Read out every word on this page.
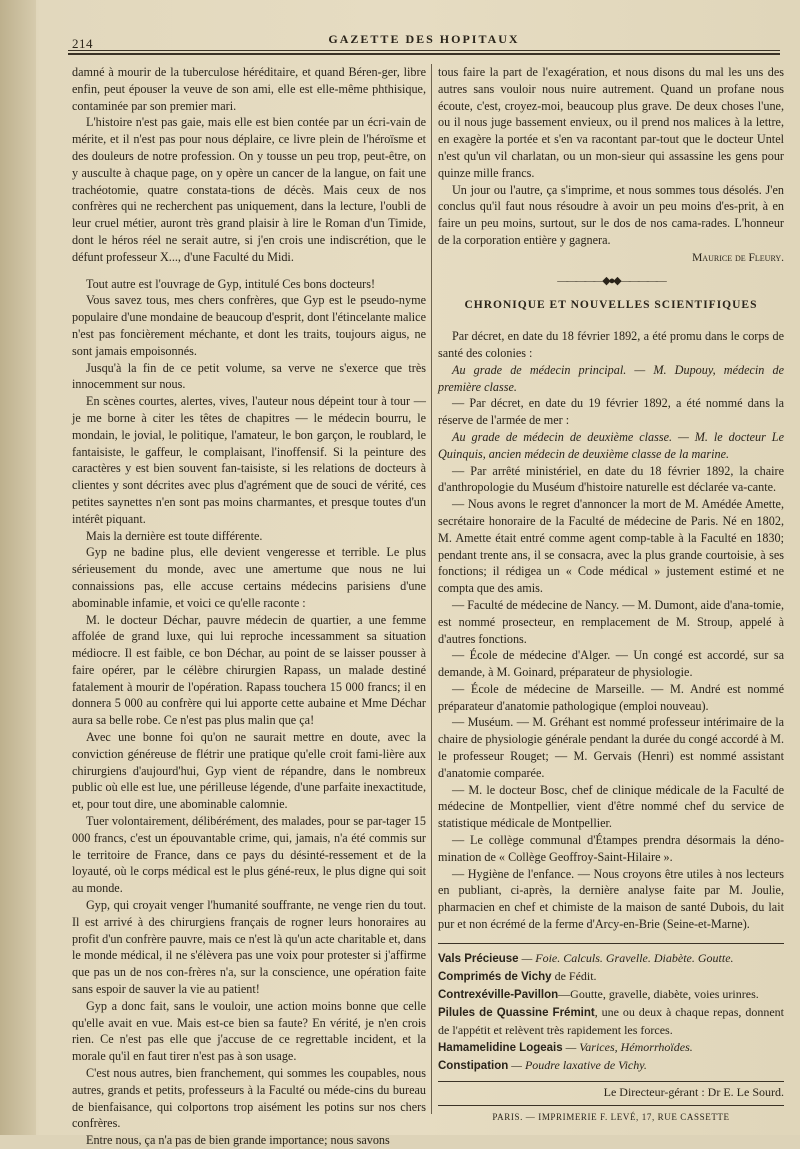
214	GAZETTE DES HOPITAUX

damné à mourir de la tuberculose héréditaire, et quand Béren-ger, libre enfin, peut épouser la veuve de son ami, elle est elle-même phthisique, contaminée par son premier mari.

L'histoire n'est pas gaie, mais elle est bien contée par un écri-vain de mérite, et il n'est pas pour nous déplaire, ce livre plein de l'héroïsme et des douleurs de notre profession. On y tousse un peu trop, peut-être, on y ausculte à chaque page, on y opère un cancer de la langue, on fait une trachéotomie, quatre constata-tions de décès. Mais ceux de nos confrères qui ne recherchent pas uniquement, dans la lecture, l'oubli de leur cruel métier, auront très grand plaisir à lire le Roman d'un Timide, dont le héros réel ne serait autre, si j'en crois une indiscrétion, que le défunt professeur X..., d'une Faculté du Midi.

Tout autre est l'ouvrage de Gyp, intitulé Ces bons docteurs!

Vous savez tous, mes chers confrères, que Gyp est le pseudo-nyme populaire d'une mondaine de beaucoup d'esprit, dont l'étincelante malice n'est pas foncièrement méchante, et dont les traits, toujours aigus, ne sont jamais empoisonnés.

Jusqu'à la fin de ce petit volume, sa verve ne s'exerce que très innocemment sur nous.

En scènes courtes, alertes, vives, l'auteur nous dépeint tour à tour — je me borne à citer les têtes de chapitres — le médecin bourru, le mondain, le jovial, le politique, l'amateur, le bon garçon, le roublard, le fantaisiste, le gaffeur, le complaisant, l'inoffensif. Si la peinture des caractères y est bien souvent fan-taisiste, si les relations de docteurs à clientes y sont décrites avec plus d'agrément que de souci de vérité, ces petites saynettes n'en sont pas moins charmantes, et presque toutes d'un intérêt piquant.

Mais la dernière est toute différente.

Gyp ne badine plus, elle devient vengeresse et terrible. Le plus sérieusement du monde, avec une amertume que nous ne lui connaissions pas, elle accuse certains médecins parisiens d'une abominable infamie, et voici ce qu'elle raconte :

M. le docteur Déchar, pauvre médecin de quartier, a une femme affolée de grand luxe, qui lui reproche incessamment sa situation médiocre. Il est faible, ce bon Déchar, au point de se laisser pousser à faire opérer, par le célèbre chirurgien Rapass, un malade destiné fatalement à mourir de l'opération. Rapass touchera 15 000 francs; il en donnera 5 000 au confrère qui lui apporte cette aubaine et Mme Déchar aura sa belle robe. Ce n'est pas plus malin que ça!

Avec une bonne foi qu'on ne saurait mettre en doute, avec la conviction généreuse de flétrir une pratique qu'elle croit fami-lière aux chirurgiens d'aujourd'hui, Gyp vient de répandre, dans le nombreux public où elle est lue, une périlleuse légende, d'une parfaite inexactitude, et, pour tout dire, une abominable calomnie.

Tuer volontairement, délibérément, des malades, pour se par-tager 15 000 francs, c'est un épouvantable crime, qui, jamais, n'a été commis sur le territoire de France, dans ce pays du désinté-ressement et de la loyauté, où le corps médical est le plus géné-reux, le plus digne qui soit au monde.

Gyp, qui croyait venger l'humanité souffrante, ne venge rien du tout. Il est arrivé à des chirurgiens français de rogner leurs honoraires au profit d'un confrère pauvre, mais ce n'est là qu'un acte charitable et, dans le monde médical, il ne s'élèvera pas une voix pour protester si j'affirme que pas un de nos con-frères n'a, sur la conscience, une opération faite sans espoir de sauver la vie au patient!

Gyp a donc fait, sans le vouloir, une action moins bonne que celle qu'elle avait en vue. Mais est-ce bien sa faute? En vérité, je n'en crois rien. Ce n'est pas elle que j'accuse de ce regrettable incident, et la morale qu'il en faut tirer n'est pas à son usage.

C'est nous autres, bien franchement, qui sommes les coupables, nous autres, grands et petits, professeurs à la Faculté ou méde-cins du bureau de bienfaisance, qui colportons trop aisément les potins sur nos chers confrères.

Entre nous, ça n'a pas de bien grande importance; nous savons

tous faire la part de l'exagération, et nous disons du mal les uns des autres sans vouloir nous nuire autrement. Quand un profane nous écoute, c'est, croyez-moi, beaucoup plus grave. De deux choses l'une, ou il nous juge bassement envieux, ou il prend nos malices à la lettre, en exagère la portée et s'en va racontant par-tout que le docteur Untel n'est qu'un vil charlatan, ou un mon-sieur qui assassine les gens pour quinze mille francs.

Un jour ou l'autre, ça s'imprime, et nous sommes tous désolés. J'en conclus qu'il faut nous résoudre à avoir un peu moins d'es-prit, à en faire un peu moins, surtout, sur le dos de nos cama-rades. L'honneur de la corporation entière y gagnera.

Maurice de Fleury.
―――――◆●◆―――――
CHRONIQUE ET NOUVELLES SCIENTIFIQUES

Par décret, en date du 18 février 1892, a été promu dans le corps de santé des colonies :

Au grade de médecin principal. — M. Dupouy, médecin de première classe.

— Par décret, en date du 19 février 1892, a été nommé dans la réserve de l'armée de mer :

Au grade de médecin de deuxième classe. — M. le docteur Le Quinquis, ancien médecin de deuxième classe de la marine.

— Par arrêté ministériel, en date du 18 février 1892, la chaire d'anthropologie du Muséum d'histoire naturelle est déclarée va-cante.

— Nous avons le regret d'annoncer la mort de M. Amédée Amette, secrétaire honoraire de la Faculté de médecine de Paris. Né en 1802, M. Amette était entré comme agent comp-table à la Faculté en 1830; pendant trente ans, il se consacra, avec la plus grande courtoisie, à ses fonctions; il rédigea un « Code médical » justement estimé et ne compta que des amis.

— Faculté de médecine de Nancy. — M. Dumont, aide d'ana-tomie, est nommé prosecteur, en remplacement de M. Stroup, appelé à d'autres fonctions.

— École de médecine d'Alger. — Un congé est accordé, sur sa demande, à M. Goinard, préparateur de physiologie.

— École de médecine de Marseille. — M. André est nommé préparateur d'anatomie pathologique (emploi nouveau).

— Muséum. — M. Gréhant est nommé professeur intérimaire de la chaire de physiologie générale pendant la durée du congé accordé à M. le professeur Rouget; — M. Gervais (Henri) est nommé assistant d'anatomie comparée.

— M. le docteur Bosc, chef de clinique médicale de la Faculté de médecine de Montpellier, vient d'être nommé chef du service de statistique médicale de Montpellier.

— Le collège communal d'Étampes prendra désormais la déno-mination de « Collège Geoffroy-Saint-Hilaire ».

— Hygiène de l'enfance. — Nous croyons être utiles à nos lecteurs en publiant, ci-après, la dernière analyse faite par M. Joulie, pharmacien en chef et chimiste de la maison de santé Dubois, du lait pur et non écrémé de la ferme d'Arcy-en-Brie (Seine-et-Marne).

Vals Précieuse — Foie. Calculs. Gravelle. Diabète. Goutte.
Comprimés de Vichy de Fédit.
Contrexéville-Pavillon—Goutte, gravelle, diabète, voies urinres.
Pilules de Quassine Frémint, une ou deux à chaque repas, donnent de l'appétit et relèvent très rapidement les forces.
Hamamelidine Logeais — Varices, Hémorrhoïdes.
Constipation — Poudre laxative de Vichy.
Le Directeur-gérant : Dr E. Le Sourd.
PARIS. — IMPRIMERIE F. LEVÉ, 17, RUE CASSETTE
